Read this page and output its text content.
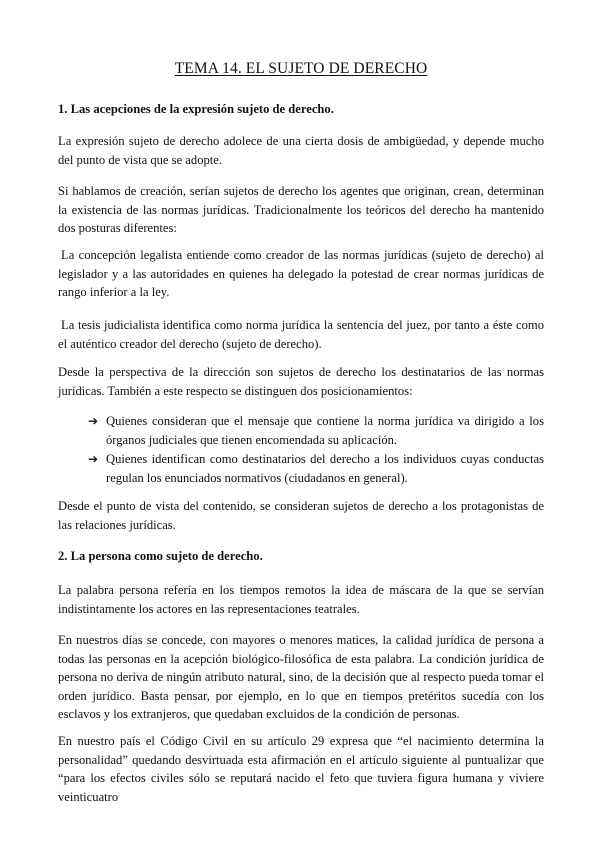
TEMA 14. EL SUJETO DE DERECHO
1. Las acepciones de la expresión sujeto de derecho.

La expresión sujeto de derecho adolece de una cierta dosis de ambigüedad, y depende mucho del punto de vista que se adopte.

Si hablamos de creación, serían sujetos de derecho los agentes que originan, crean, determinan la existencia de las normas jurídicas. Tradicionalmente los teóricos del derecho ha mantenido dos posturas diferentes:

La concepción legalista entiende como creador de las normas jurídicas (sujeto de derecho) al legislador y a las autoridades en quienes ha delegado la potestad de crear normas jurídicas de rango inferior a la ley.

La tesis judicialista identifica como norma jurídica la sentencia del juez, por tanto a éste como el auténtico creador del derecho (sujeto de derecho).

Desde la perspectiva de la dirección son sujetos de derecho los destinatarios de las normas jurídicas. También a este respecto se distinguen dos posicionamientos:

➔ Quienes consideran que el mensaje que contiene la norma jurídica va dirigido a los órganos judiciales que tienen encomendada su aplicación.
➔ Quienes identifican como destinatarios del derecho a los individuos cuyas conductas regulan los enunciados normativos (ciudadanos en general).

Desde el punto de vista del contenido, se consideran sujetos de derecho a los protagonistas de las relaciones jurídicas.

2. La persona como sujeto de derecho.

La palabra persona refería en los tiempos remotos la idea de máscara de la que se servían indistintamente los actores en las representaciones teatrales.

En nuestros días se concede, con mayores o menores matices, la calidad jurídica de persona a todas las personas en la acepción biológico-filosófica de esta palabra. La condición jurídica de persona no deriva de ningún atributo natural, sino, de la decisión que al respecto pueda tomar el orden jurídico. Basta pensar, por ejemplo, en lo que en tiempos pretéritos sucedía con los esclavos y los extranjeros, que quedaban excluidos de la condición de personas.

En nuestro país el Código Civil en su artículo 29 expresa que “el nacimiento determina la personalidad” quedando desvirtuada esta afirmación en el artículo siguiente al puntualizar que “para los efectos civiles sólo se reputará nacido el feto que tuviera figura humana y viviere veinticuatro
